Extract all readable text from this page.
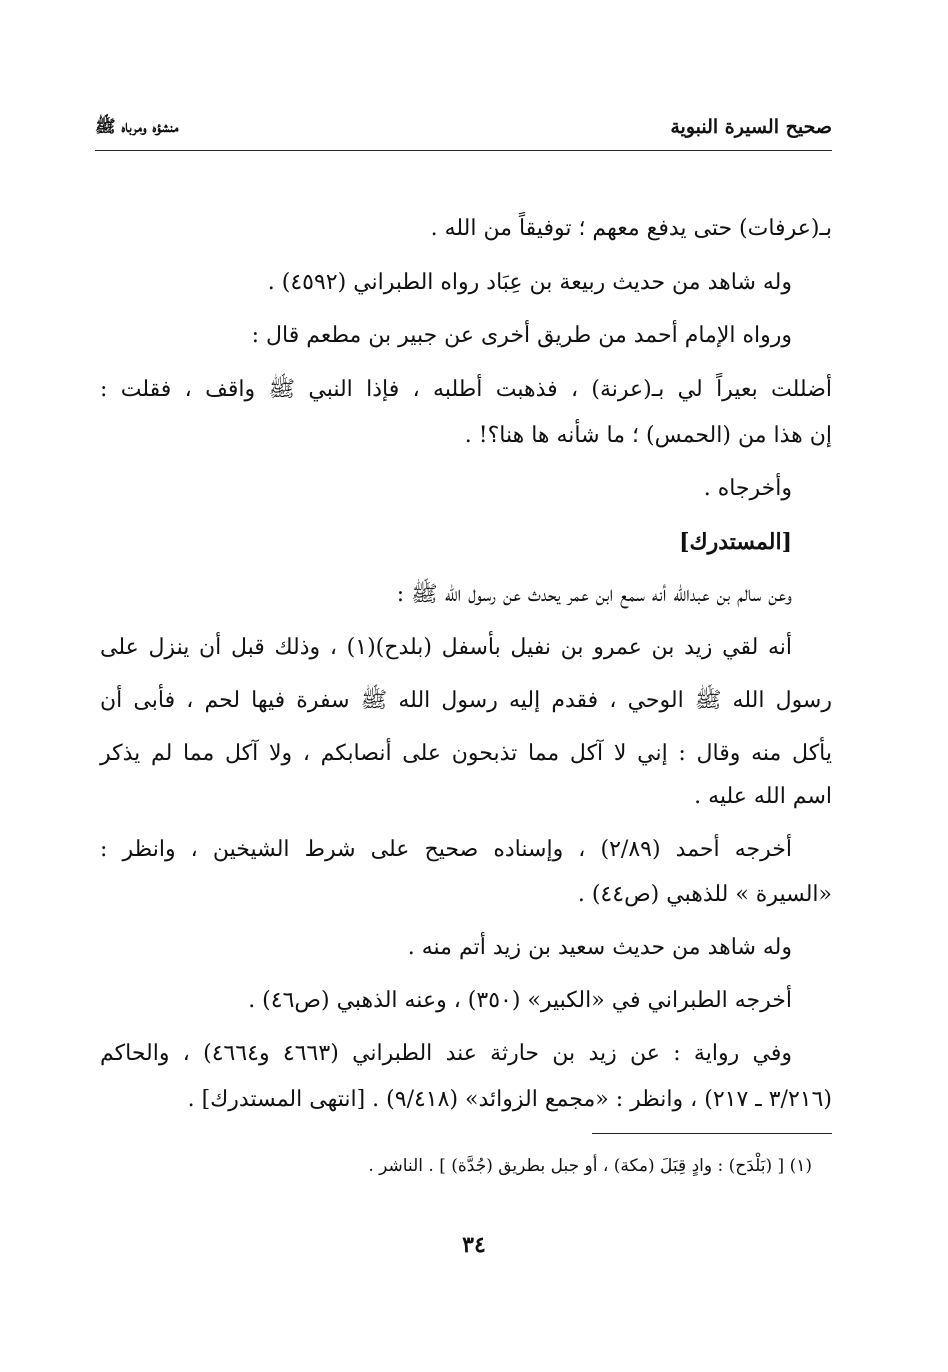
صحيح السيرة النبوية
منشؤه ومرباه ﷺ
بـ(عرفات) حتى يدفع معهم ؛ توفيقاً من الله .
وله شاهد من حديث ربيعة بن عِبَاد رواه الطبراني (٤٥٩٢) .
ورواه الإمام أحمد من طريق أخرى عن جبير بن مطعم قال :
أضللت بعيراً لي بـ(عرنة) ، فذهبت أطلبه ، فإذا النبي ﷺ واقف ، فقلت :
إن هذا من (الحمس) ؛ ما شأنه ها هنا؟! .
وأخرجاه .
[المستدرك]
وعن سالم بن عبدالله أنه سمع ابن عمر يحدث عن رسول الله ﷺ :
أنه لقي زيد بن عمرو بن نفيل بأسفل (بلدح)(١) ، وذلك قبل أن ينزل على
رسول الله ﷺ الوحي ، فقدم إليه رسول الله ﷺ سفرة فيها لحم ، فأبى أن
يأكل منه وقال : إني لا آكل مما تذبحون على أنصابكم ، ولا آكل مما لم يذكر
اسم الله عليه .
أخرجه أحمد (٢/٨٩) ، وإسناده صحيح على شرط الشيخين ، وانظر :
«السيرة » للذهبي (ص٤٤) .
وله شاهد من حديث سعيد بن زيد أتم منه .
أخرجه الطبراني في «الكبير» (٣٥٠) ، وعنه الذهبي (ص٤٦) .
وفي رواية : عن زيد بن حارثة عند الطبراني (٤٦٦٣ و٤٦٦٤) ، والحاكم
(٣/٢١٦ ـ ٢١٧) ، وانظر : «مجمع الزوائد» (٩/٤١٨) . [انتهى المستدرك] .
(١) [ (بَلْدَح) : وادٍ قِبَلَ (مكة) ، أو جبل بطريق (جُدَّة) ] . الناشر .
٣٤
